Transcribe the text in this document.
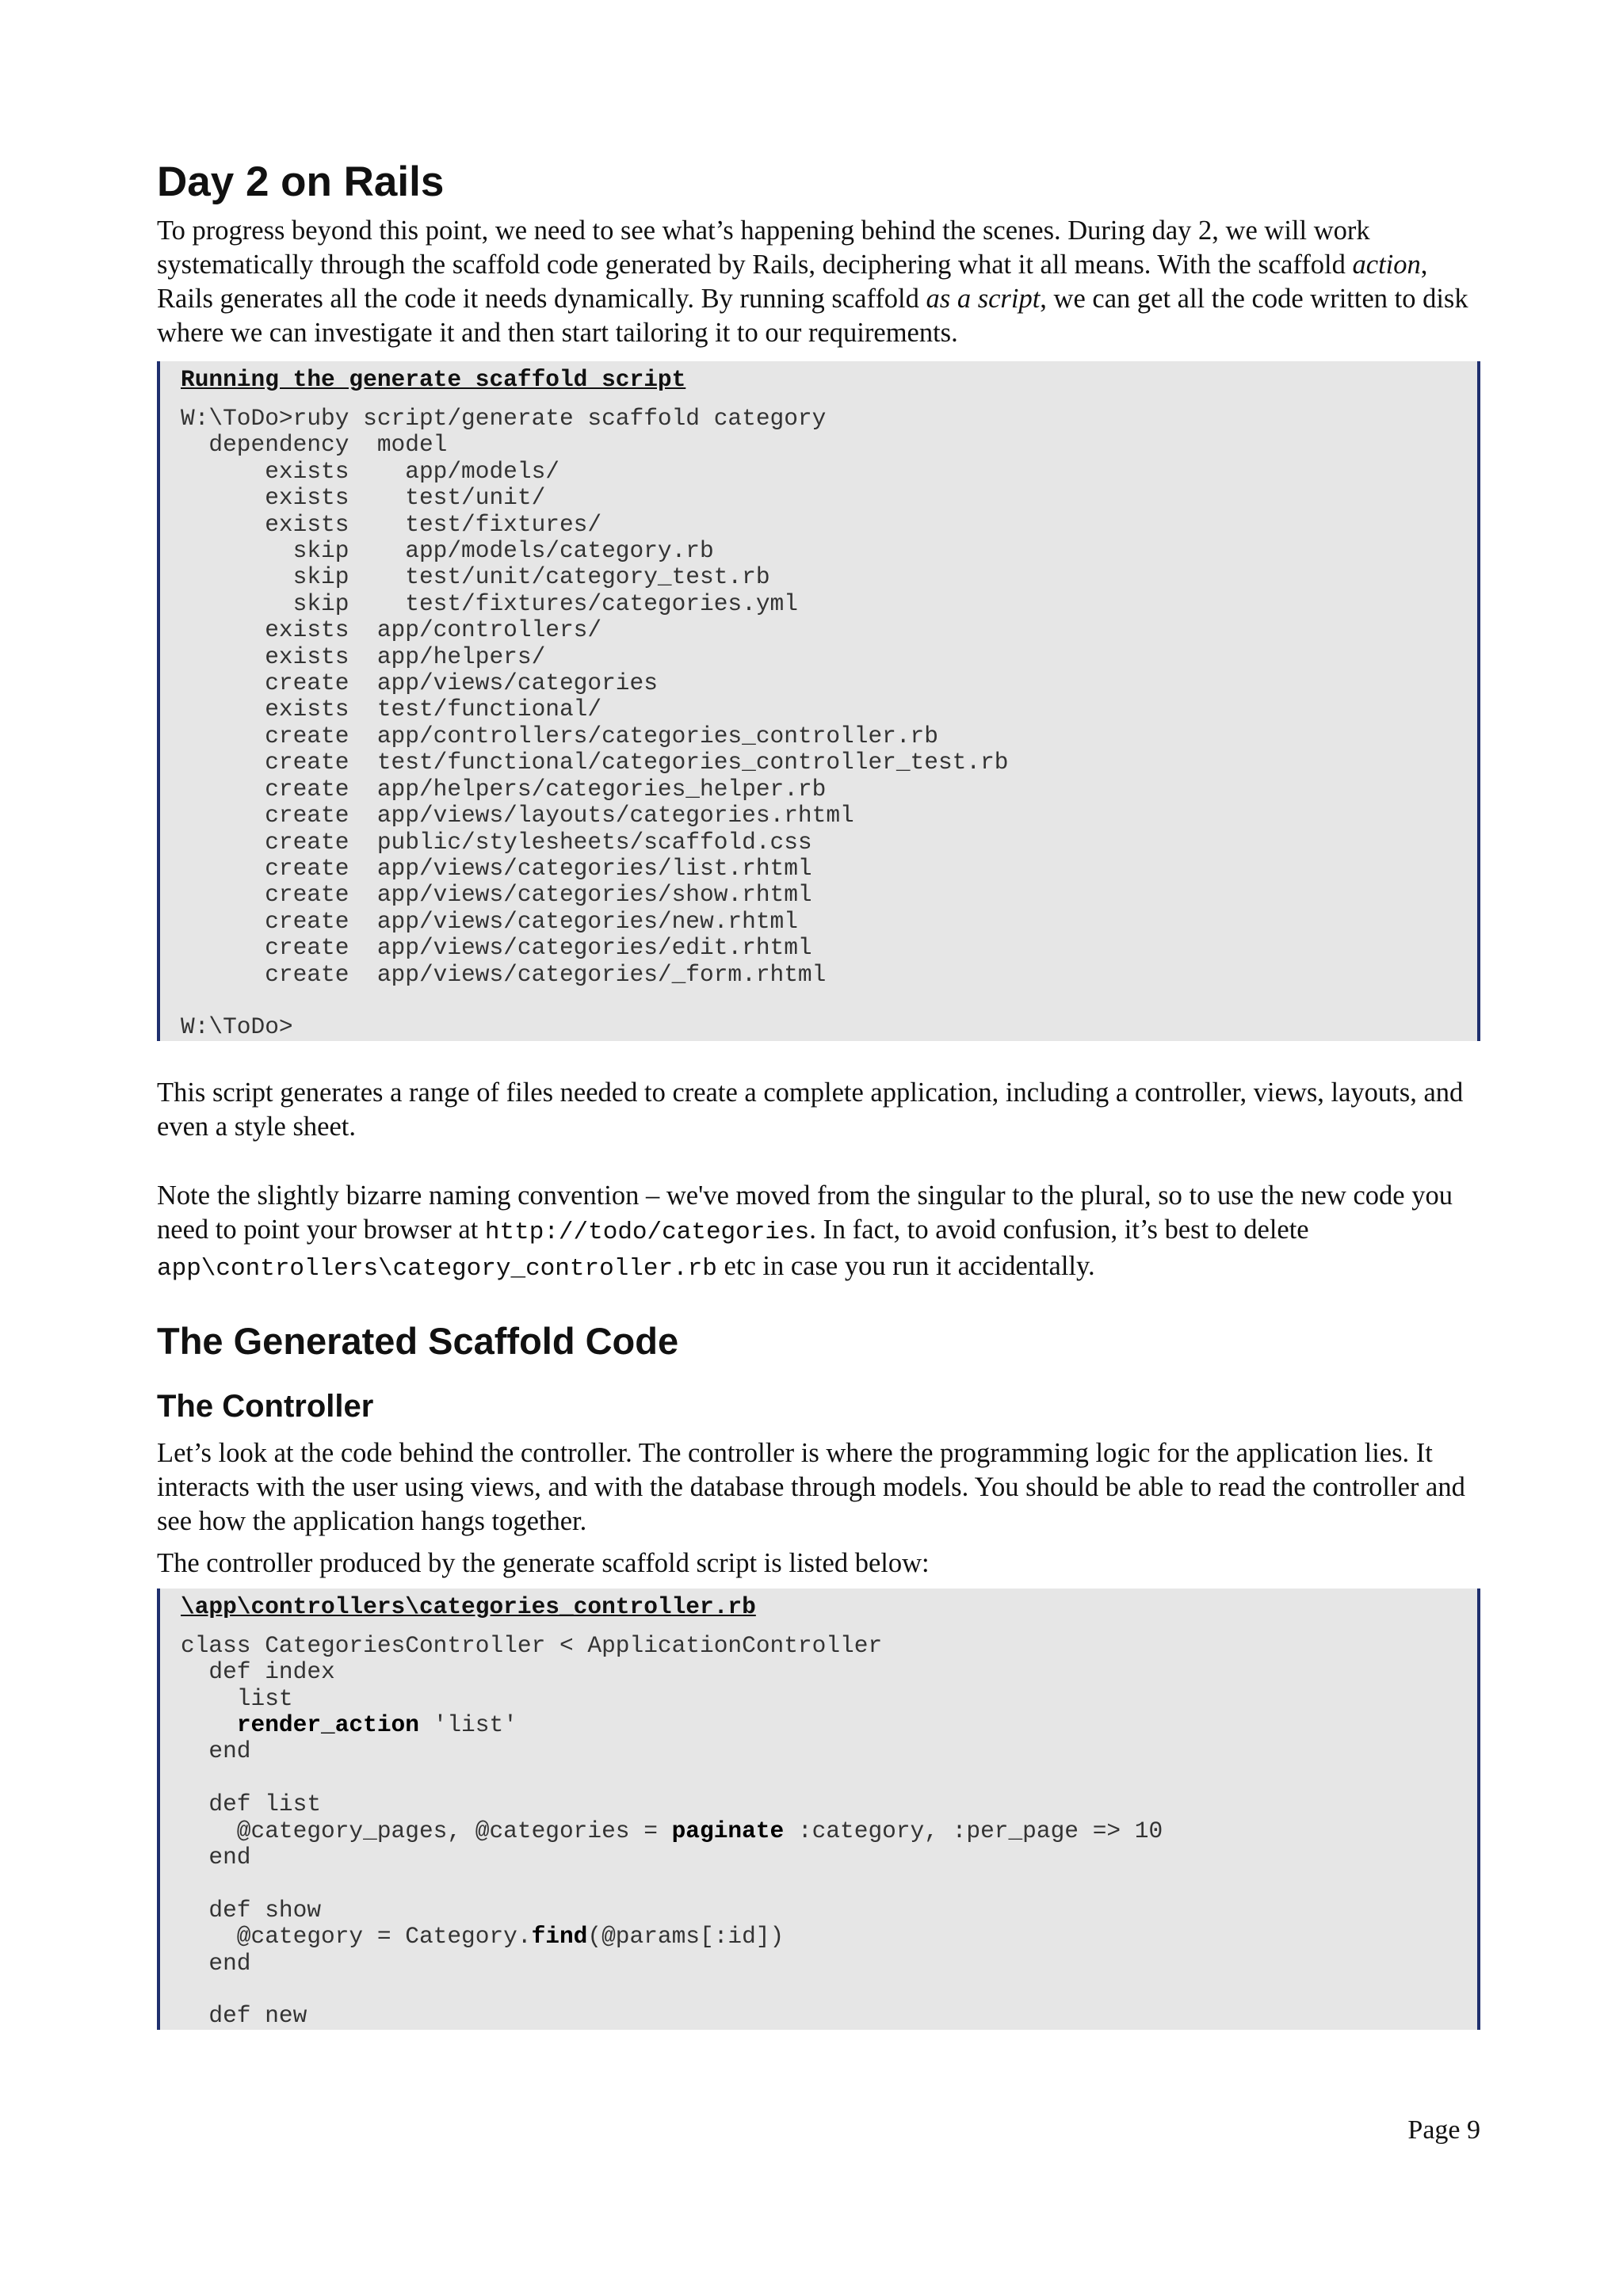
Day 2 on Rails

To progress beyond this point, we need to see what’s happening behind the scenes. During day 2, we will work systematically through the scaffold code generated by Rails, deciphering what it all means. With the scaffold action, Rails generates all the code it needs dynamically. By running scaffold as a script, we can get all the code written to disk where we can investigate it and then start tailoring it to our requirements.

Running the generate scaffold script
W:\ToDo>ruby script/generate scaffold category
dependency  model
exists    app/models/
exists    test/unit/
exists    test/fixtures/
skip    app/models/category.rb
skip    test/unit/category_test.rb
skip    test/fixtures/categories.yml
exists  app/controllers/
exists  app/helpers/
create  app/views/categories
exists  test/functional/
create  app/controllers/categories_controller.rb
create  test/functional/categories_controller_test.rb
create  app/helpers/categories_helper.rb
create  app/views/layouts/categories.rhtml
create  public/stylesheets/scaffold.css
create  app/views/categories/list.rhtml
create  app/views/categories/show.rhtml
create  app/views/categories/new.rhtml
create  app/views/categories/edit.rhtml
create  app/views/categories/_form.rhtml

W:\ToDo>

This script generates a range of files needed to create a complete application, including a controller, views, layouts, and even a style sheet.

Note the slightly bizarre naming convention – we've moved from the singular to the plural, so to use the new code you need to point your browser at http://todo/categories. In fact, to avoid confusion, it’s best to delete app\controllers\category_controller.rb etc in case you run it accidentally.

The Generated Scaffold Code
The Controller

Let’s look at the code behind the controller. The controller is where the programming logic for the application lies. It interacts with the user using views, and with the database through models. You should be able to read the controller and see how the application hangs together.

The controller produced by the generate scaffold script is listed below:

\app\controllers\categories_controller.rb
class CategoriesController < ApplicationController
def index
list
render_action 'list'
end

def list
@category_pages, @categories = paginate :category, :per_page => 10
end

def show
@category = Category.find(@params[:id])
end

def new
Page 9
